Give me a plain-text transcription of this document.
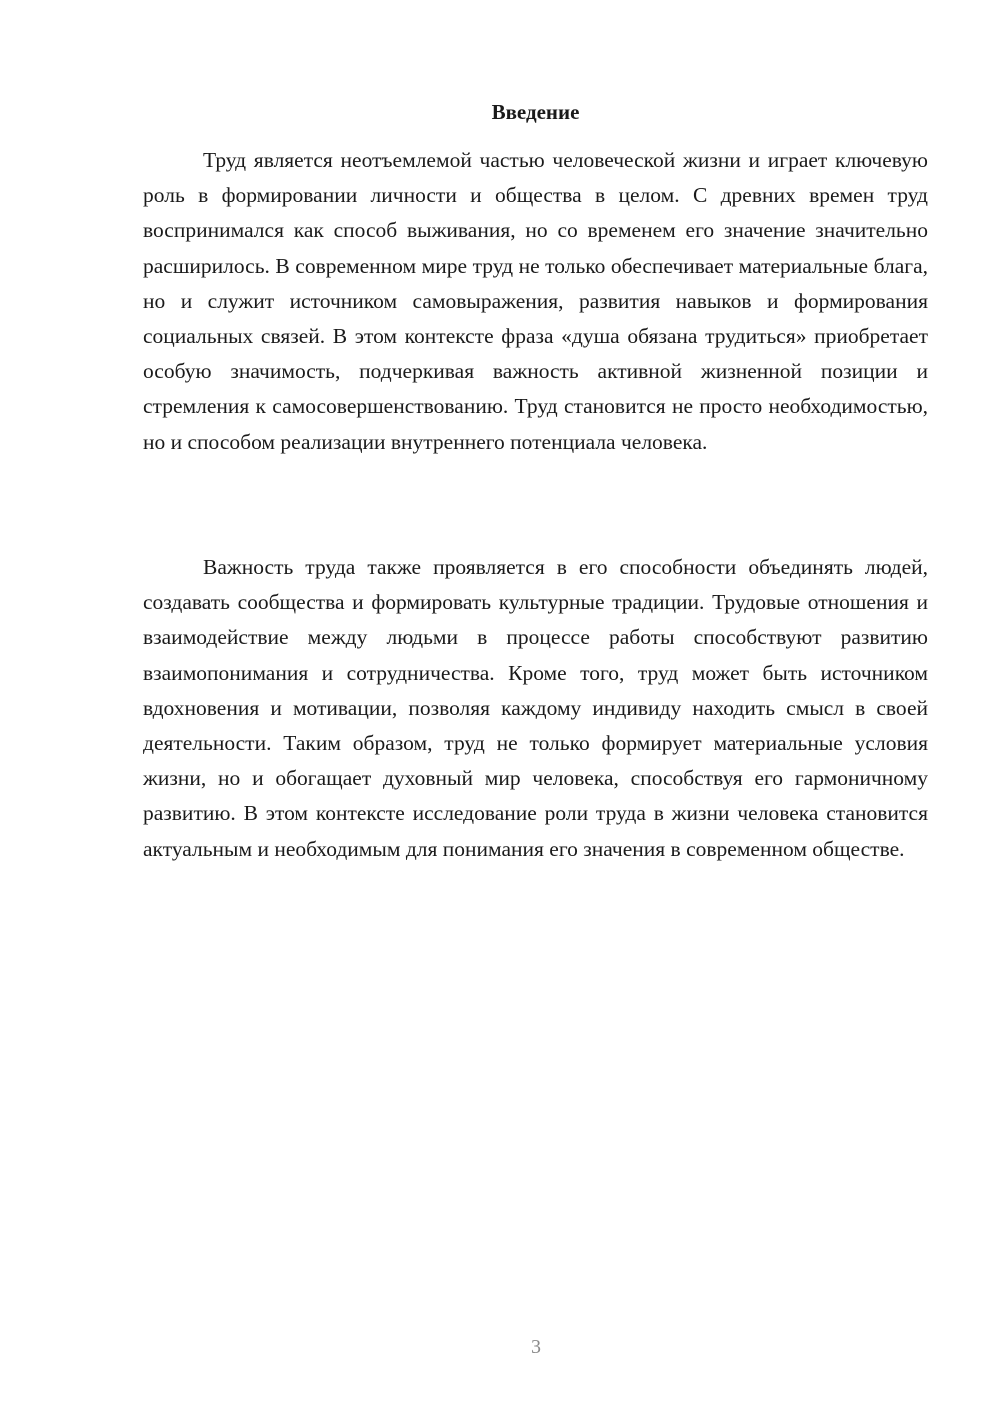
Введение

Труд является неотъемлемой частью человеческой жизни и играет ключевую роль в формировании личности и общества в целом. С древних времен труд воспринимался как способ выживания, но со временем его значение значительно расширилось. В современном мире труд не только обеспечивает материальные блага, но и служит источником самовыражения, развития навыков и формирования социальных связей. В этом контексте фраза «душа обязана трудиться» приобретает особую значимость, подчеркивая важность активной жизненной позиции и стремления к самосовершенствованию. Труд становится не просто необходимостью, но и способом реализации внутреннего потенциала человека.

Важность труда также проявляется в его способности объединять людей, создавать сообщества и формировать культурные традиции. Трудовые отношения и взаимодействие между людьми в процессе работы способствуют развитию взаимопонимания и сотрудничества. Кроме того, труд может быть источником вдохновения и мотивации, позволяя каждому индивиду находить смысл в своей деятельности. Таким образом, труд не только формирует материальные условия жизни, но и обогащает духовный мир человека, способствуя его гармоничному развитию. В этом контексте исследование роли труда в жизни человека становится актуальным и необходимым для понимания его значения в современном обществе.

3
